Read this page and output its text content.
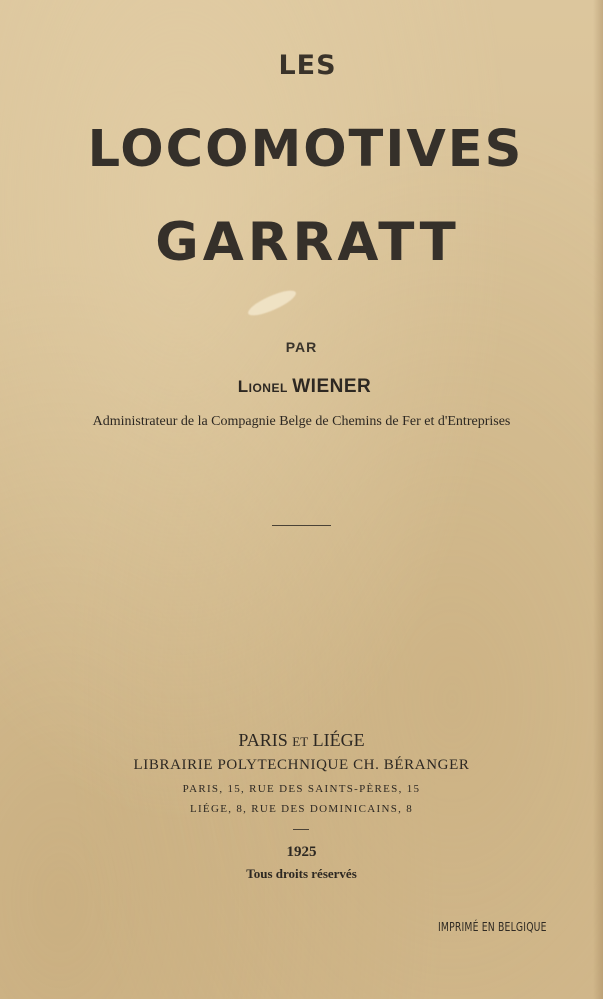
LES
LOCOMOTIVES
GARRATT
PAR
Lionel WIENER
Administrateur de la Compagnie Belge de Chemins de Fer et d'Entreprises
PARIS et LIÉGE
LIBRAIRIE POLYTECHNIQUE CH. BÉRANGER
PARIS, 15, RUE DES SAINTS-PÈRES, 15
LIÉGE, 8, RUE DES DOMINICAINS, 8
1925
Tous droits réservés
IMPRIMÉ EN BELGIQUE
